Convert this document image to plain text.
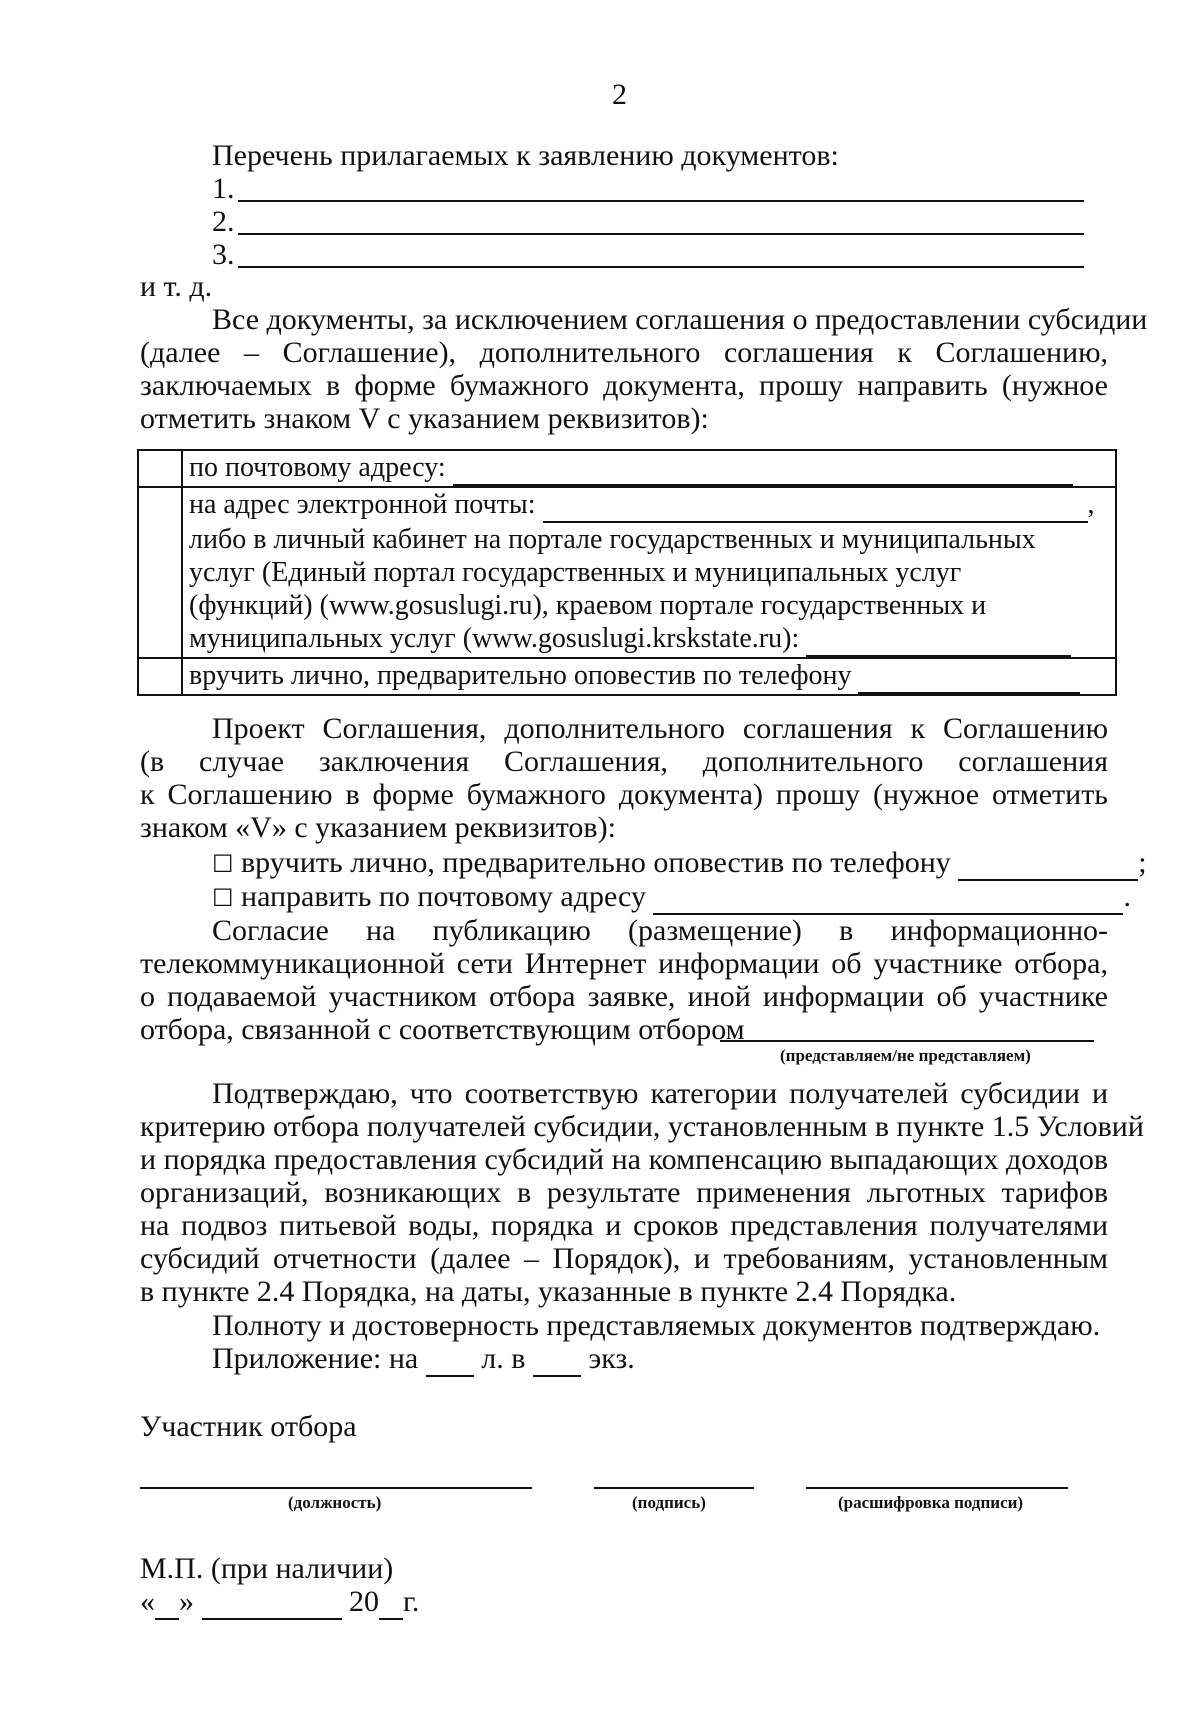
2
Перечень прилагаемых к заявлению документов:
1.
2.
3.
и т. д.
Все документы, за исключением соглашения о предоставлении субсидии
(далее – Соглашение), дополнительного соглашения к Соглашению,
заключаемых в форме бумажного документа, прошу направить (нужное
отметить знаком V с указанием реквизитов):
	по почтовому адресу:

	на адрес электронной почты: ,
либо в личный кабинет на портале государственных и муниципальных
услуг (Единый портал государственных и муниципальных услуг
(функций) (www.gosuslugi.ru), краевом портале государственных и
муниципальных услуг (www.gosuslugi.krskstate.ru):

	вручить лично, предварительно оповестив по телефону
Проект Соглашения, дополнительного соглашения к Соглашению
(в случае заключения Соглашения, дополнительного соглашения
к Соглашению в форме бумажного документа) прошу (нужное отметить
знаком «V» с указанием реквизитов):
☐ вручить лично, предварительно оповестив по телефону	;
☐ направить по почтовому адресу	.
Согласие на публикацию (размещение) в информационно-
телекоммуникационной сети Интернет информации об участнике отбора,
о подаваемой участником отбора заявке, иной информации об участнике
отбора, связанной с соответствующим отбором
(представляем/не представляем)
Подтверждаю, что соответствую категории получателей субсидии и
критерию отбора получателей субсидии, установленным в пункте 1.5 Условий
и порядка предоставления субсидий на компенсацию выпадающих доходов
организаций, возникающих в результате применения льготных тарифов
на подвоз питьевой воды, порядка и сроков представления получателями
субсидий отчетности (далее – Порядок), и требованиям, установленным
в пункте 2.4 Порядка, на даты, указанные в пункте 2.4 Порядка.
Полноту и достоверность представляемых документов подтверждаю.
Приложение: на л. в экз.
Участник отбора
(должность)	(подпись)	(расшифровка подписи)
М.П. (при наличии)
« »	20 г.
